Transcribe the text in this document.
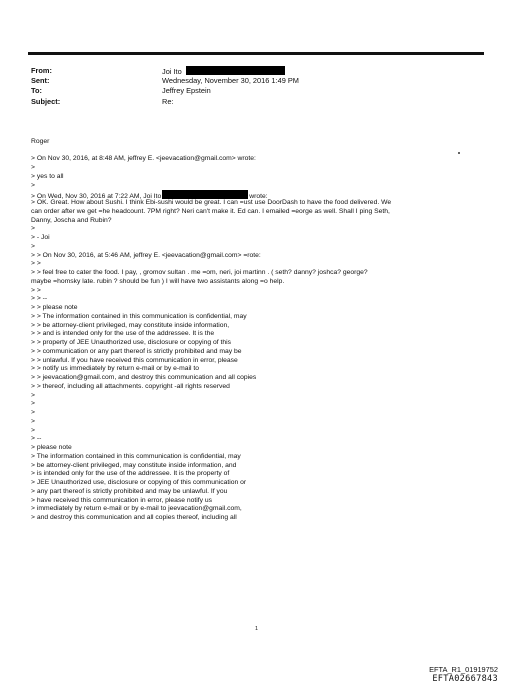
From:	Joi Ito
Sent:	Wednesday, November 30, 2016 1:49 PM
To:	Jeffrey Epstein
Subject:	Re:
Roger
> On Nov 30, 2016, at 8:48 AM, jeffrey E. <jeevacation@gmail.com> wrote:
>
> yes to all
>
> On Wed, Nov 30, 2016 at 7:22 AM, Joi Ito	wrote:
> OK. Great. How about Sushi. I think Ebi-sushi would be great. I can =ust use DoorDash to have the food delivered. We
can order after we get =he headcount. 7PM right? Neri can't make it. Ed can. I emailed =eorge as well. Shall I ping Seth,
Danny, Joscha and Rubin?
>
> - Joi
>
> > On Nov 30, 2016, at 5:46 AM, jeffrey E. <jeevacation@gmail.com> =rote:
> >
> > feel free to cater the food. I pay, , gromov sultan . me =om, neri, joi martinn . ( seth? danny? joshca? george?
maybe =homsky late. rubin ? should be fun ) I will have two assistants along =o help.
> >
> > --
> > please note
> > The information contained in this communication is confidential, may
> > be attorney-client privileged, may constitute inside information,
> > and is intended only for the use of the addressee. It is the
> > property of JEE Unauthorized use, disclosure or copying of this
> > communication or any part thereof is strictly prohibited and may be
> > unlawful. If you have received this communication in error, please
> > notify us immediately by return e-mail or by e-mail to
> > jeevacation@gmail.com, and destroy this communication and all copies
> > thereof, including all attachments. copyright -all rights reserved
>
>
>
>
>
> --
> please note
> The information contained in this communication is confidential, may
> be attorney-client privileged, may constitute inside information, and
> is intended only for the use of the addressee. It is the property of
> JEE Unauthorized use, disclosure or copying of this communication or
> any part thereof is strictly prohibited and may be unlawful. If you
> have received this communication in error, please notify us
> immediately by return e-mail or by e-mail to jeevacation@gmail.com,
> and destroy this communication and all copies thereof, including all
1
EFTA_R1_01919752
EFTA02667843
